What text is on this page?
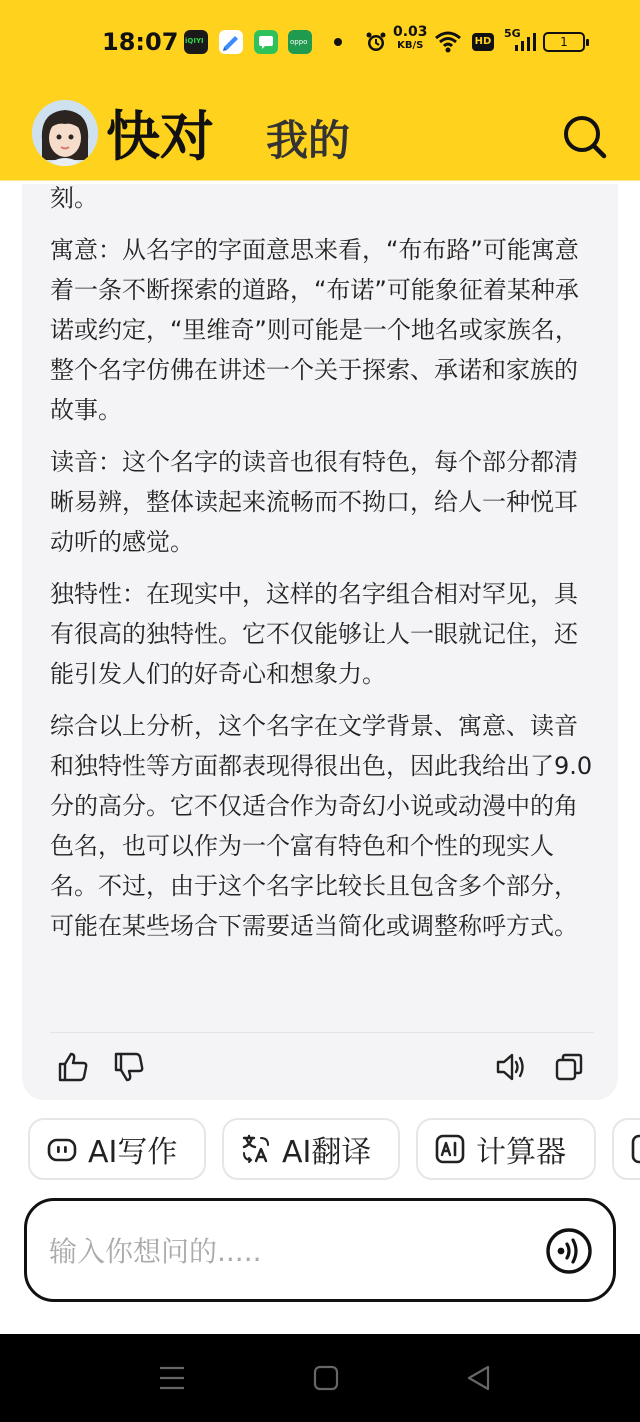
18:07 iQIYI	oppo
0.03
KB/S	HD
5G
1
快对 我的

刻。

寓意：从名字的字面意思来看，“布布路”可能寓意着一条不断探索的道路，“布诺”可能象征着某种承诺或约定，“里维奇”则可能是一个地名或家族名，整个名字仿佛在讲述一个关于探索、承诺和家族的故事。

读音：这个名字的读音也很有特色，每个部分都清晰易辨，整体读起来流畅而不拗口，给人一种悦耳动听的感觉。

独特性：在现实中，这样的名字组合相对罕见，具有很高的独特性。它不仅能够让人一眼就记住，还能引发人们的好奇心和想象力。

综合以上分析，这个名字在文学背景、寓意、读音和独特性等方面都表现得很出色，因此我给出了9.0分的高分。它不仅适合作为奇幻小说或动漫中的角色名，也可以作为一个富有特色和个性的现实人名。不过，由于这个名字比较长且包含多个部分，可能在某些场合下需要适当简化或调整称呼方式。

AI写作	AI翻译	计算器
输入你想问的.....
